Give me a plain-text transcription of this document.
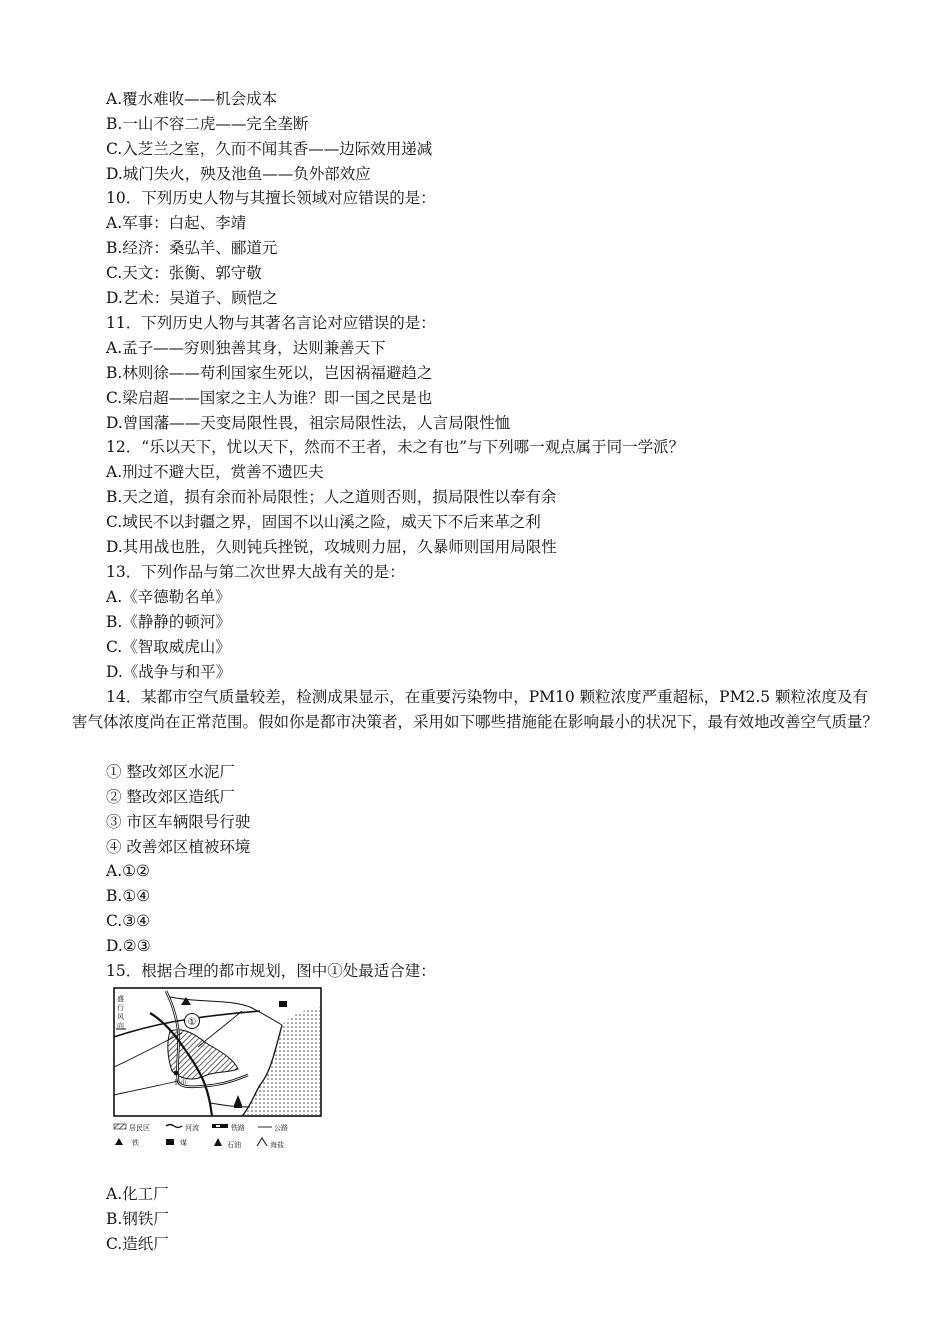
A.覆水难收——机会成本
B.一山不容二虎——完全垄断
C.入芝兰之室，久而不闻其香——边际效用递减
D.城门失火，殃及池鱼——负外部效应
10．下列历史人物与其擅长领域对应错误的是：
A.军事：白起、李靖
B.经济：桑弘羊、郦道元
C.天文：张衡、郭守敬
D.艺术：吴道子、顾恺之
11．下列历史人物与其著名言论对应错误的是：
A.孟子——穷则独善其身，达则兼善天下
B.林则徐——苟利国家生死以，岂因祸福避趋之
C.梁启超——国家之主人为谁？即一国之民是也
D.曾国藩——天变局限性畏，祖宗局限性法，人言局限性恤
12．“乐以天下，忧以天下，然而不王者，未之有也”与下列哪一观点属于同一学派？
A.刑过不避大臣，赏善不遗匹夫
B.天之道，损有余而补局限性；人之道则否则，损局限性以奉有余
C.域民不以封疆之界，固国不以山溪之险，威天下不后来革之利
D.其用战也胜，久则钝兵挫锐，攻城则力屈，久暴师则国用局限性
13．下列作品与第二次世界大战有关的是：
A.《辛德勒名单》
B.《静静的顿河》
C.《智取威虎山》
D.《战争与和平》
14．某都市空气质量较差，检测成果显示，在重要污染物中，PM10 颗粒浓度严重超标，PM2.5 颗粒浓度及有害气体浓度尚在正常范围。假如你是都市决策者，采用如下哪些措施能在影响最小的状况下，最有效地改善空气质量？
① 整改郊区水泥厂
② 整改郊区造纸厂
③ 市区车辆限号行驶
④ 改善郊区植被环境
A.①②
B.①④
C.③④
D.②③
15．根据合理的都市规划，图中①处最适合建：
盛 行 风 向	①
县市
居民区	河流	铁路	公路
铁	煤	石油	海盐
A.化工厂
B.钢铁厂
C.造纸厂
